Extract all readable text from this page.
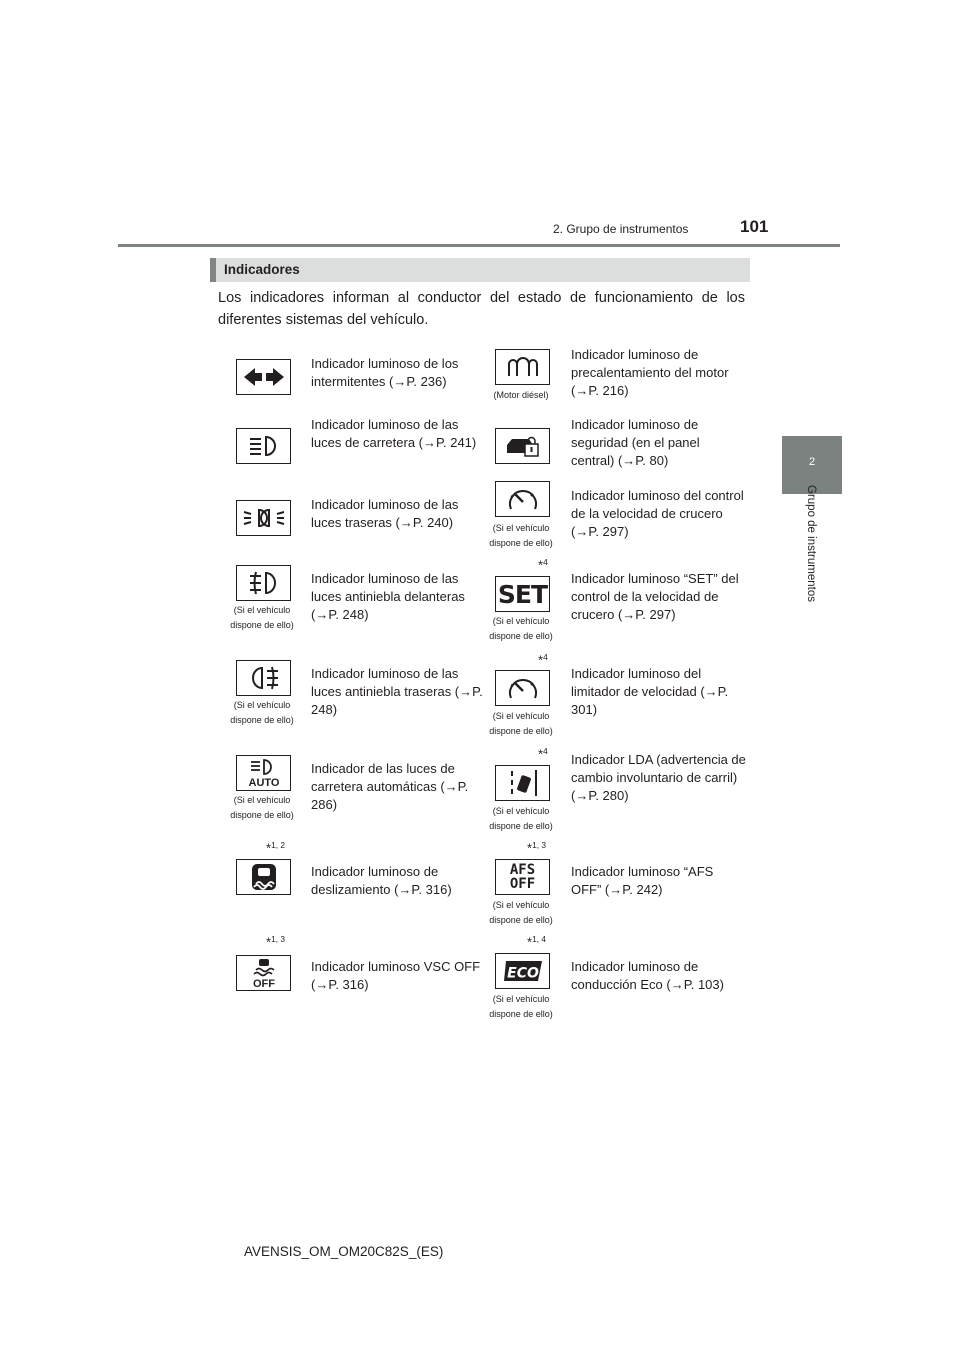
2. Grupo de instrumentos	101
2
Grupo de instrumentos
Indicadores
Los indicadores informan al conductor del estado de funcionamiento de los diferentes sistemas del vehículo.
Indicador luminoso de los intermitentes (→P. 236)
(Motor diésel)
Indicador luminoso de precalentamiento del motor (→P. 216)
Indicador luminoso de las luces de carretera (→P. 241)
Indicador luminoso de seguridad (en el panel central) (→P. 80)
Indicador luminoso de las luces traseras (→P. 240)	(Si el vehículo
dispone de ello)
Indicador luminoso del control de la velocidad de crucero (→P. 297)
(Si el vehículo
dispone de ello)
Indicador luminoso de las luces antiniebla delanteras (→P. 248)
*$^4$
SET
(Si el vehículo
dispone de ello)
Indicador luminoso “SET” del control de la velocidad de crucero (→P. 297)
(Si el vehículo
dispone de ello)
Indicador luminoso de las luces antiniebla traseras (→P. 248)
*$^4$
(Si el vehículo
dispone de ello)
Indicador luminoso del limitador de velocidad (→P. 301)
AUTO
(Si el vehículo
dispone de ello)
Indicador de las luces de carretera automáticas (→P. 286)
*$^4$
(Si el vehículo
dispone de ello)
Indicador LDA (advertencia de cambio involuntario de carril) (→P. 280)
*$^{1, 2}$
Indicador luminoso de deslizamiento (→P. 316)
*$^{1, 3}$
AFS
OFF
(Si el vehículo
dispone de ello)
Indicador luminoso “AFS OFF” (→P. 242)
*$^{1, 3}$
OFF
Indicador luminoso VSC OFF (→P. 316)
*$^{1, 4}$
ECO
(Si el vehículo
dispone de ello)
Indicador luminoso de conducción Eco (→P. 103)
AVENSIS_OM_OM20C82S_(ES)
